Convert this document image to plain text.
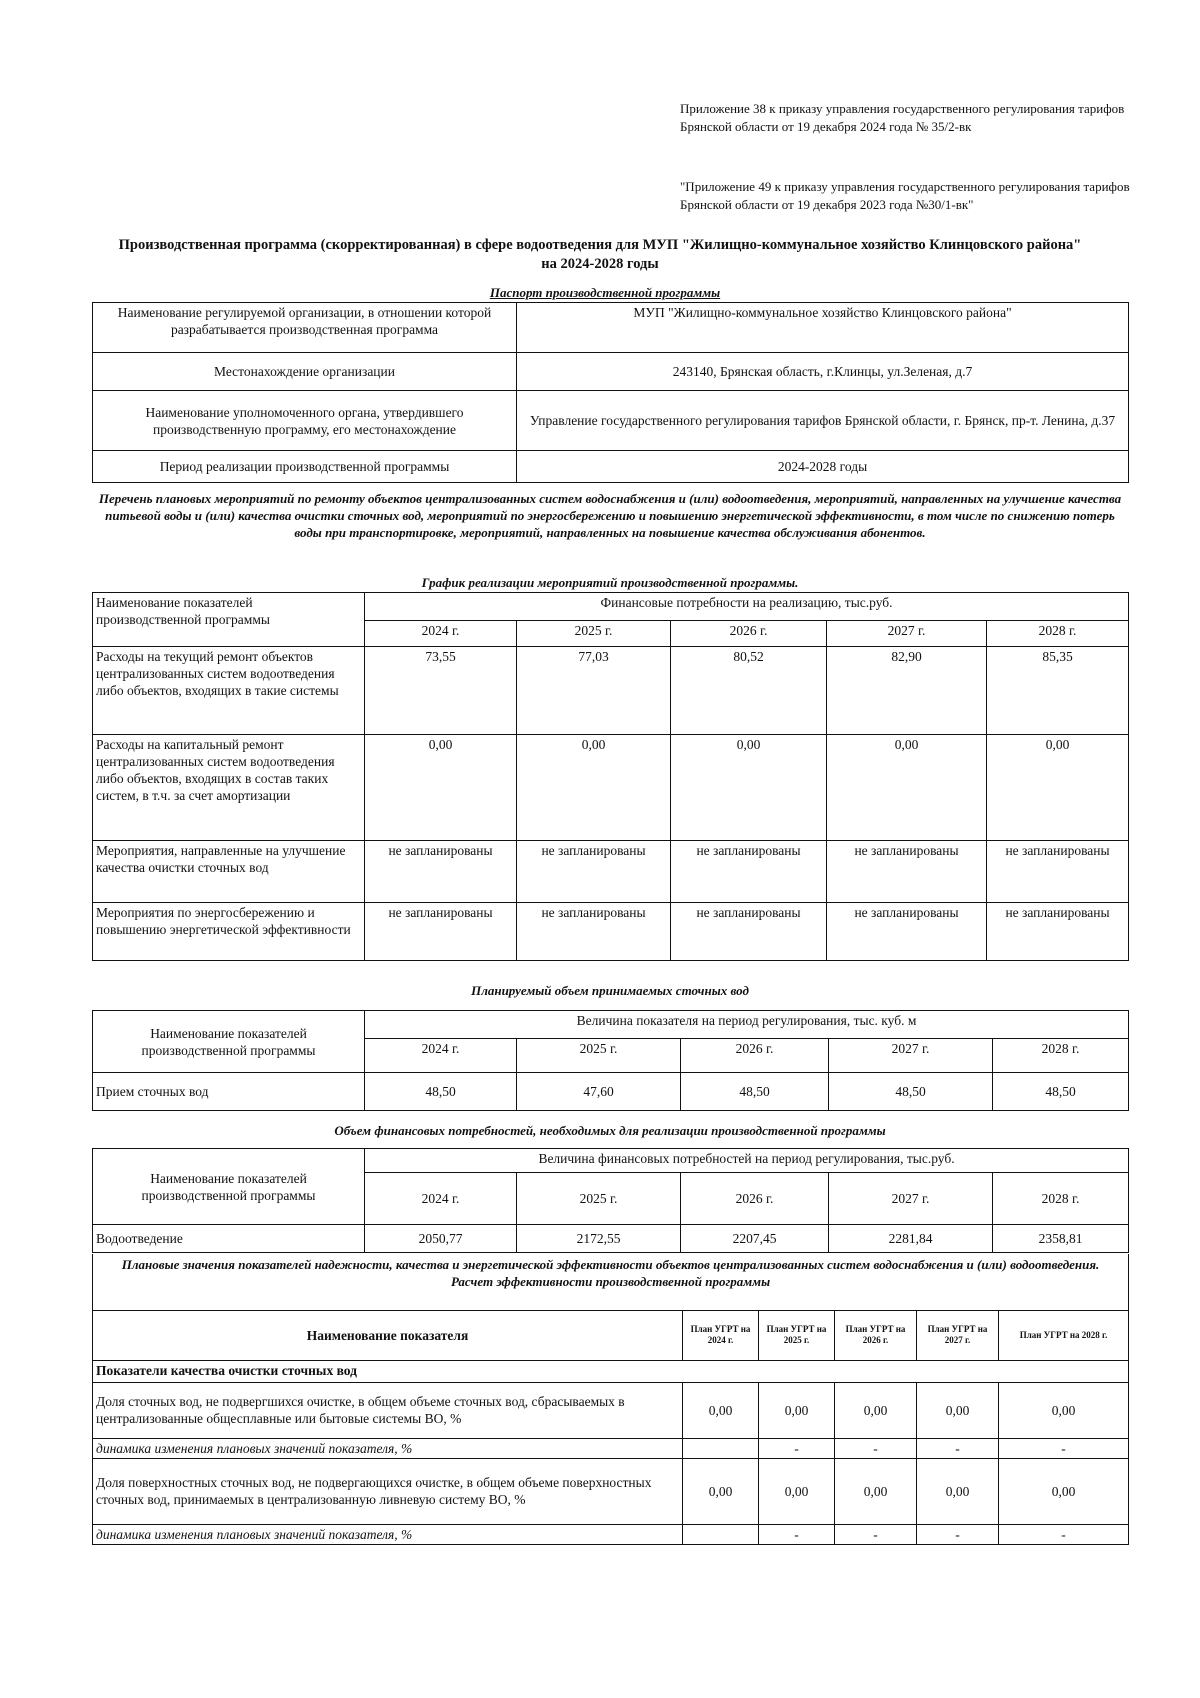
Приложение 38 к приказу управления государственного регулирования тарифов Брянской области от 19 декабря 2024 года № 35/2-вк

"Приложение 49 к приказу управления государственного регулирования тарифов Брянской области от 19 декабря 2023 года №30/1-вк"

Производственная программа (скорректированная) в сфере водоотведения для МУП "Жилищно-коммунальное хозяйство Клинцовского района" на 2024-2028 годы
Паспорт производственной программы
Наименование регулируемой организации, в отношении которой разрабатывается производственная программа	МУП "Жилищно-коммунальное хозяйство Клинцовского района"
Местонахождение организации	243140, Брянская область, г.Клинцы, ул.Зеленая, д.7
Наименование уполномоченного органа, утвердившего производственную программу, его местонахождение	Управление государственного регулирования тарифов Брянской области, г. Брянск, пр-т. Ленина, д.37
Период реализации производственной программы	2024-2028 годы
Перечень плановых мероприятий по ремонту объектов централизованных систем водоснабжения и (или) водоотведения, мероприятий, направленных на улучшение качества питьевой воды и (или) качества очистки сточных вод, мероприятий по энергосбережению и повышению энергетической эффективности, в том числе по снижению потерь воды при транспортировке, мероприятий, направленных на повышение качества обслуживания абонентов.
График реализации мероприятий производственной программы.
Наименование показателей производственной программы	Финансовые потребности на реализацию, тыс.руб.				
	2024 г.	2025 г.	2026 г.	2027 г.	2028 г.
Расходы на текущий ремонт объектов централизованных систем водоотведения либо объектов, входящих в такие системы	73,55	77,03	80,52	82,90	85,35
Расходы на капитальный ремонт централизованных систем водоотведения либо объектов, входящих в состав таких систем, в т.ч. за счет амортизации	0,00	0,00	0,00	0,00	0,00
Мероприятия, направленные на улучшение качества очистки сточных вод	не запланированы	не запланированы	не запланированы	не запланированы	не запланированы
Мероприятия по энергосбережению и повышению энергетической эффективности	не запланированы	не запланированы	не запланированы	не запланированы	не запланированы
Планируемый объем принимаемых сточных вод
Наименование показателей производственной программы	Величина показателя на период регулирования, тыс. куб. м				
	2024 г.	2025 г.	2026 г.	2027 г.	2028 г.
Прием сточных вод	48,50	47,60	48,50	48,50	48,50
Объем финансовых потребностей, необходимых для реализации производственной программы
Наименование показателей производственной программы	Величина финансовых потребностей на период регулирования, тыс.руб.				
	2024 г.	2025 г.	2026 г.	2027 г.	2028 г.
Водоотведение	2050,77	2172,55	2207,45	2281,84	2358,81
Плановые значения показателей надежности, качества и энергетической эффективности объектов централизованных систем водоснабжения и (или) водоотведения.
Расчет эффективности производственной программы					

Наименование показателя	План УГРТ на 2024 г.	План УГРТ на 2025 г.	План УГРТ на 2026 г.	План УГРТ на 2027 г.	План УГРТ на 2028 г.
Показатели качества очистки сточных вод					
Доля сточных вод, не подвергшихся очистке, в общем объеме сточных вод, сбрасываемых в централизованные общесплавные или бытовые системы ВО, %	0,00	0,00	0,00	0,00	0,00
динамика изменения плановых значений показателя, %		-	-	-	-
Доля поверхностных сточных вод, не подвергающихся очистке, в общем объеме поверхностных сточных вод, принимаемых в централизованную ливневую систему ВО, %	0,00	0,00	0,00	0,00	0,00
динамика изменения плановых значений показателя, %		-	-	-	-
